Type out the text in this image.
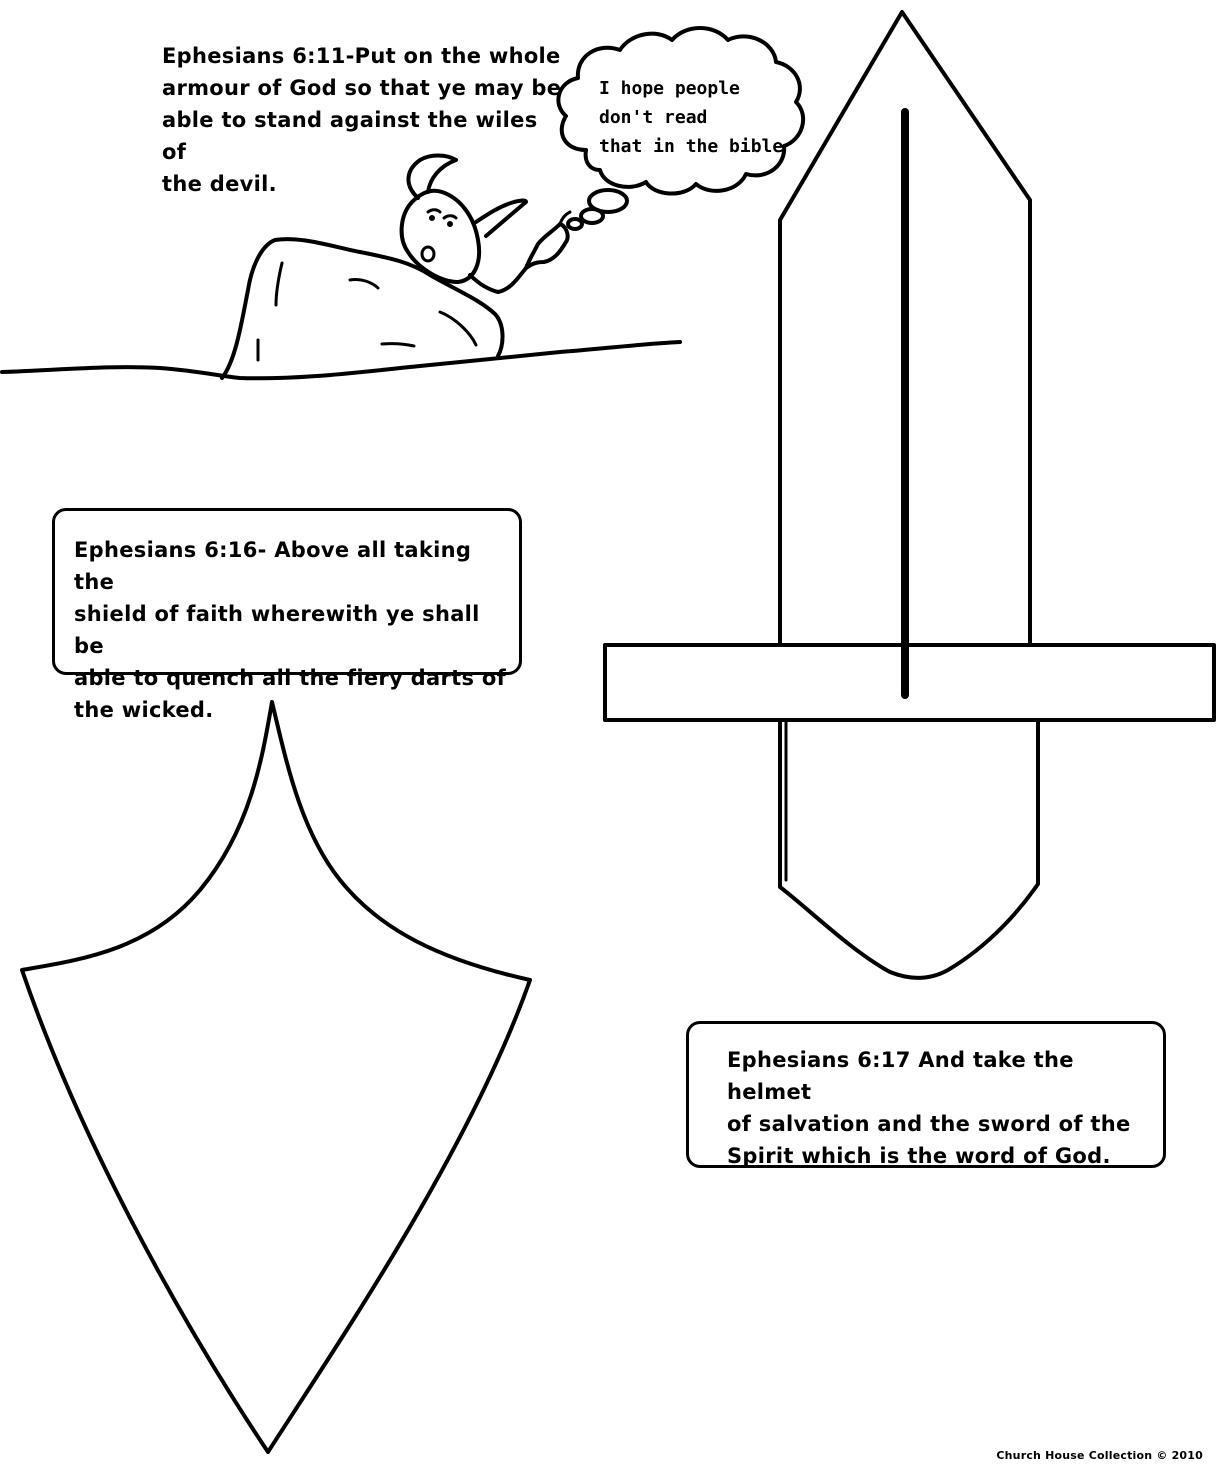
Ephesians 6:11-Put on the whole
armour of God so that ye may be
able to stand against the wiles of
the devil.

I hope people
don't read
that in the bible

Ephesians 6:16- Above all taking the
shield of faith wherewith ye shall be
able to quench all the fiery darts of
the wicked.

Ephesians 6:17 And take the helmet
of salvation and the sword of the
Spirit which is the word of God.

Church House Collection © 2010
